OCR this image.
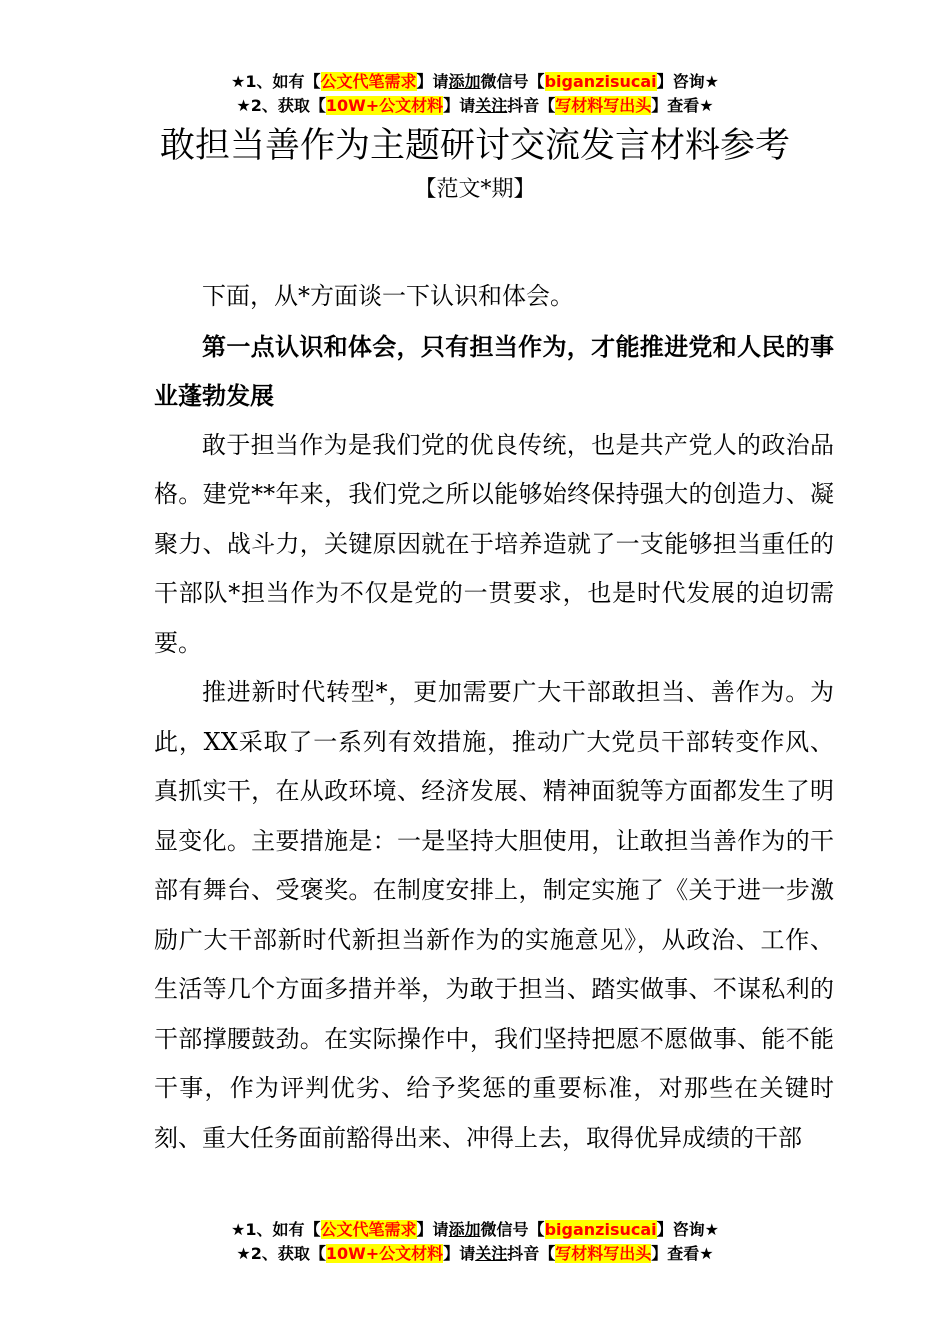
★1、如有【公文代笔需求】请添加微信号【biganzisucai】咨询★
★2、获取【10W+公文材料】请关注抖音【写材料写出头】查看★
敢担当善作为主题研讨交流发言材料参考
【范文*期】

下面，从*方面谈一下认识和体会。

第一点认识和体会，只有担当作为，才能推进党和人民的事业蓬勃发展

敢于担当作为是我们党的优良传统，也是共产党人的政治品格。建党**年来，我们党之所以能够始终保持强大的创造力、凝聚力、战斗力，关键原因就在于培养造就了一支能够担当重任的干部队*担当作为不仅是党的一贯要求，也是时代发展的迫切需要。

推进新时代转型*，更加需要广大干部敢担当、善作为。为此，XX采取了一系列有效措施，推动广大党员干部转变作风、真抓实干，在从政环境、经济发展、精神面貌等方面都发生了明显变化。主要措施是：一是坚持大胆使用，让敢担当善作为的干部有舞台、受褒奖。在制度安排上，制定实施了《关于进一步激励广大干部新时代新担当新作为的实施意见》，从政治、工作、生活等几个方面多措并举，为敢于担当、踏实做事、不谋私利的干部撑腰鼓劲。在实际操作中，我们坚持把愿不愿做事、能不能干事，作为评判优劣、给予奖惩的重要标准，对那些在关键时刻、重大任务面前豁得出来、冲得上去，取得优异成绩的干部

★1、如有【公文代笔需求】请添加微信号【biganzisucai】咨询★
★2、获取【10W+公文材料】请关注抖音【写材料写出头】查看★
